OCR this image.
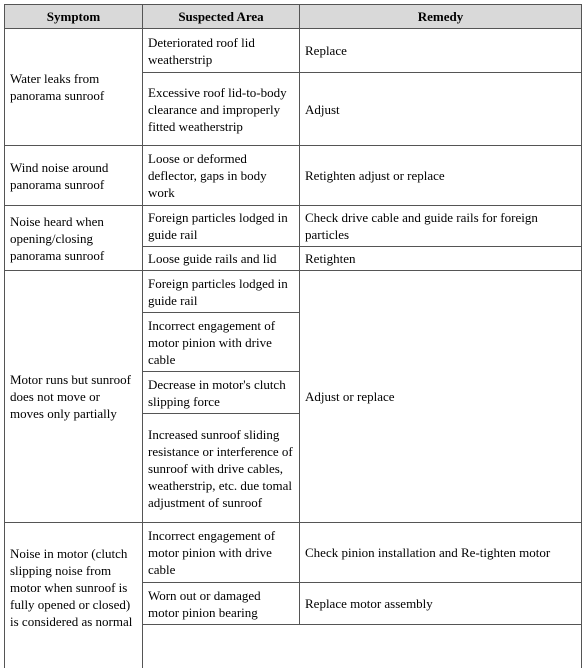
Symptom	Suspected Area	Remedy
Water leaks from panorama sunroof
Deteriorated roof lid weatherstrip
Replace
Excessive roof lid-to-body clearance and improperly fitted weatherstrip
Adjust
Wind noise around panorama sunroof
Loose or deformed deflector, gaps in body work
Retighten adjust or replace
Noise heard when opening/closing panorama sunroof
Foreign particles lodged in guide rail
Check drive cable and guide rails for foreign particles
Loose guide rails and lid Retighten
Motor runs but sunroof does not move or moves only partially
Foreign particles lodged in guide rail
Incorrect engagement of motor pinion with drive cable
Decrease in motor's clutch slipping force
Increased sunroof sliding resistance or interference of sunroof with drive cables, weatherstrip, etc. due tomal adjustment of sunroof
Adjust or replace
Noise in motor (clutch slipping noise from motor when sunroof is fully opened or closed) is considered as normal
Incorrect engagement of motor pinion with drive cable
Check pinion installation and Re-tighten motor
Worn out or damaged motor pinion bearing
Replace motor assembly
